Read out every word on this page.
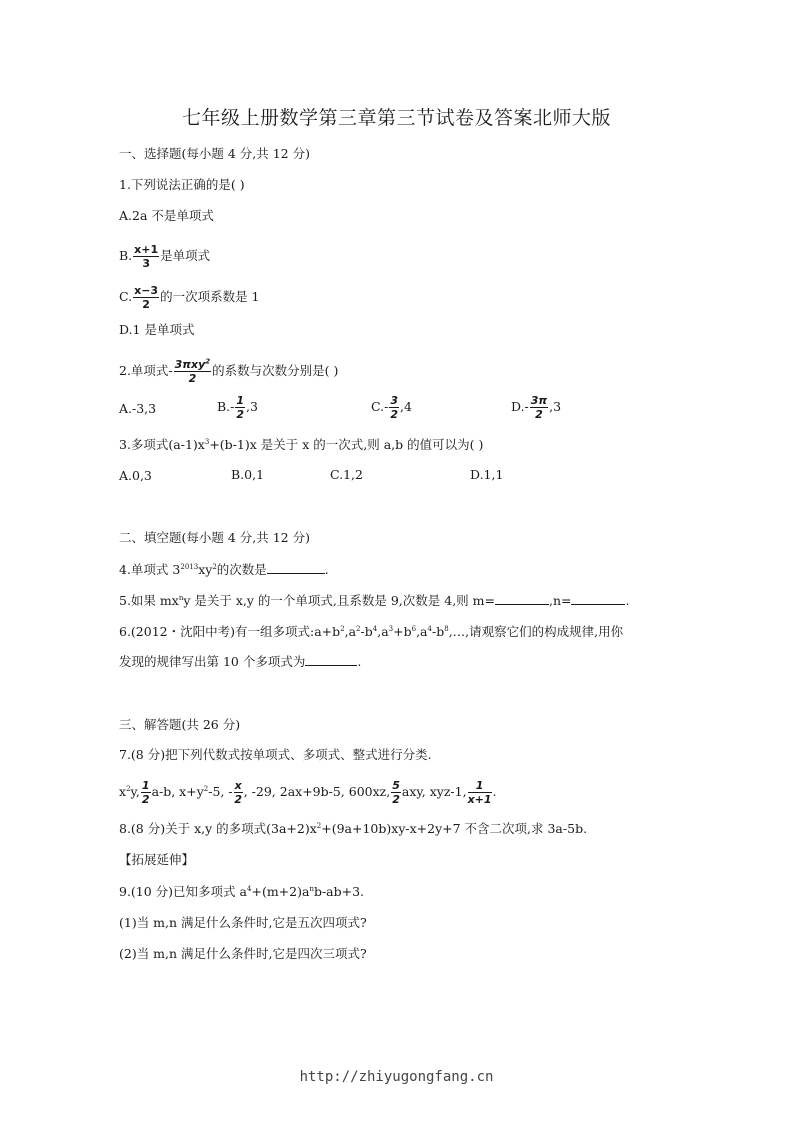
七年级上册数学第三章第三节试卷及答案北师大版
一、选择题(每小题 4 分,共 12 分)
1.下列说法正确的是( )
A.2a 不是单项式
B. $\frac{x+1}{3}$ 是单项式
C. $\frac{x-3}{2}$ 的一次项系数是 1
D.1 是单项式
2.单项式- $\frac{3\pi xy^2}{2}$ 的系数与次数分别是( )
A.-3,3	$B.- \frac{1}{2} ,3$	$C.- \frac{3}{2} ,4$	$D.- \frac{3\pi}{2} ,3$
3.多项式$(a-1)x^3+(b-1)x$ 是关于 x 的一次式,则 a,b 的值可以为( )
A.0,3	B.0,1	C.1,2	D.1,1
二、填空题(每小题 4 分,共 12 分)
4.单项式 $3^{2013}xy^2$的次数是	.
5.如果 $mx^ny$ 是关于 x,y 的一个单项式,且系数是 9,次数是 4,则 m=	,n=	.
6.(2012・沈阳中考)有一组多项式$:a+b^2,a^2-b^4,a^3+b^6,a^4-b^8,\dots$,请观察它们的构成规律,用你
发现的规律写出第 10 个多项式为	.
三、解答题(共 26 分)
7.(8 分)把下列代数式按单项式、多项式、整式进行分类.
$x^2y$, $\frac{1}{2} a-b$, $x+y^2-5$, - $\frac{x}{2}$ , -29, 2ax+9b-5, 600xz, $\frac{5}{2}$ axy, xyz-1, $\frac{1}{x+1}$ .
8.(8 分)关于 x,y 的多项式$(3a+2)x^2+(9a+10b)xy-x+2y+7$ 不含二次项,求 3a-5b.
【拓展延伸】
9.(10 分)已知多项式 $a^4+(m+2)a^nb-ab+3$.
(1)当 m,n 满足什么条件时,它是五次四项式?
(2)当 m,n 满足什么条件时,它是四次三项式?
http://zhiyugongfang.cn
